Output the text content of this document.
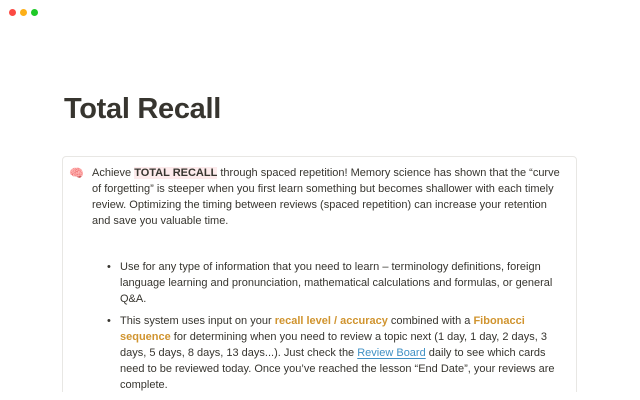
Total Recall
🧠 Achieve TOTAL RECALL through spaced repetition! Memory science has shown that the “curve of forgetting” is steeper when you first learn something but becomes shallower with each timely review. Optimizing the timing between reviews (spaced repetition) can increase your retention and save you valuable time.

• Use for any type of information that you need to learn – terminology definitions, foreign language learning and pronunciation, mathematical calculations and formulas, or general Q&A.
• This system uses input on your recall level / accuracy combined with a Fibonacci sequence for determining when you need to review a topic next (1 day, 1 day, 2 days, 3 days, 5 days, 8 days, 13 days...). Just check the Review Board daily to see which cards need to be reviewed today. Once you’ve reached the lesson “End Date”, your reviews are complete.
